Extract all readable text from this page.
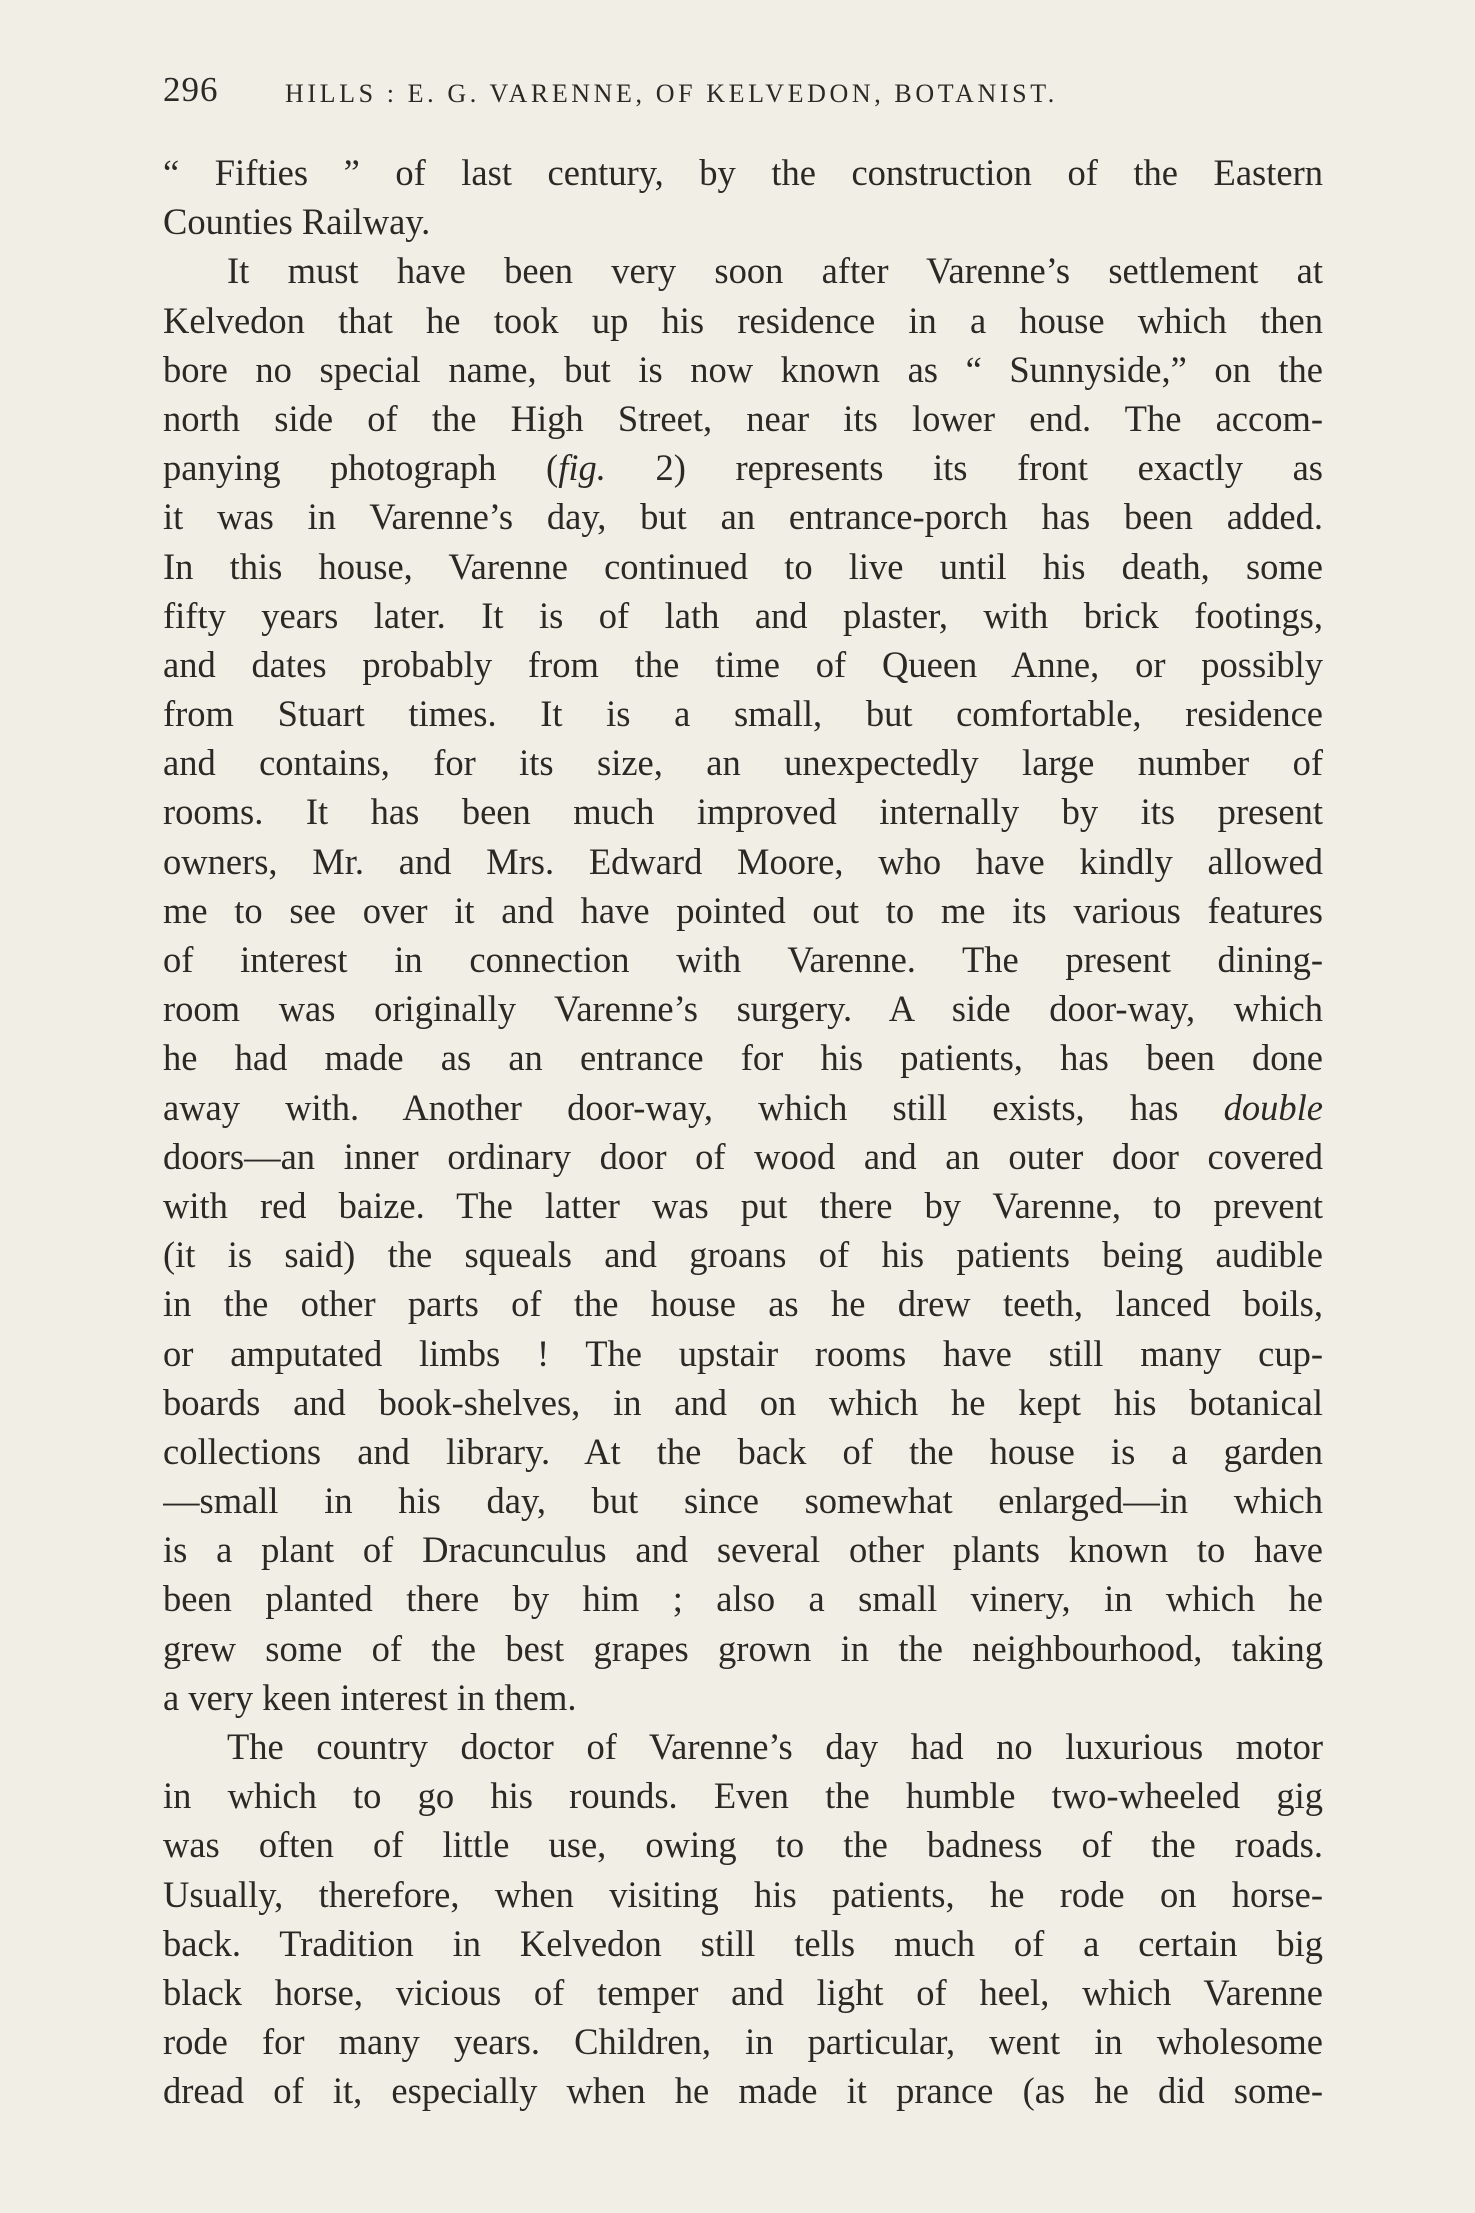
296	HILLS : E. G. VARENNE, OF KELVEDON, BOTANIST.
“ Fifties ” of last century, by the construction of the Eastern
Counties Railway.
It must have been very soon after Varenne’s settlement at
Kelvedon that he took up his residence in a house which then
bore no special name, but is now known as “ Sunnyside,” on the
north side of the High Street, near its lower end. The accom-
panying photograph (fig. 2) represents its front exactly as
it was in Varenne’s day, but an entrance-porch has been added.
In this house, Varenne continued to live until his death, some
fifty years later. It is of lath and plaster, with brick footings,
and dates probably from the time of Queen Anne, or possibly
from Stuart times. It is a small, but comfortable, residence
and contains, for its size, an unexpectedly large number of
rooms. It has been much improved internally by its present
owners, Mr. and Mrs. Edward Moore, who have kindly allowed
me to see over it and have pointed out to me its various features
of interest in connection with Varenne. The present dining-
room was originally Varenne’s surgery. A side door-way, which
he had made as an entrance for his patients, has been done
away with. Another door-way, which still exists, has double
doors—an inner ordinary door of wood and an outer door covered
with red baize. The latter was put there by Varenne, to prevent
(it is said) the squeals and groans of his patients being audible
in the other parts of the house as he drew teeth, lanced boils,
or amputated limbs ! The upstair rooms have still many cup-
boards and book-shelves, in and on which he kept his botanical
collections and library. At the back of the house is a garden
—small in his day, but since somewhat enlarged—in which
is a plant of Dracunculus and several other plants known to have
been planted there by him ; also a small vinery, in which he
grew some of the best grapes grown in the neighbourhood, taking
a very keen interest in them.
The country doctor of Varenne’s day had no luxurious motor
in which to go his rounds. Even the humble two-wheeled gig
was often of little use, owing to the badness of the roads.
Usually, therefore, when visiting his patients, he rode on horse-
back. Tradition in Kelvedon still tells much of a certain big
black horse, vicious of temper and light of heel, which Varenne
rode for many years. Children, in particular, went in wholesome
dread of it, especially when he made it prance (as he did some-
